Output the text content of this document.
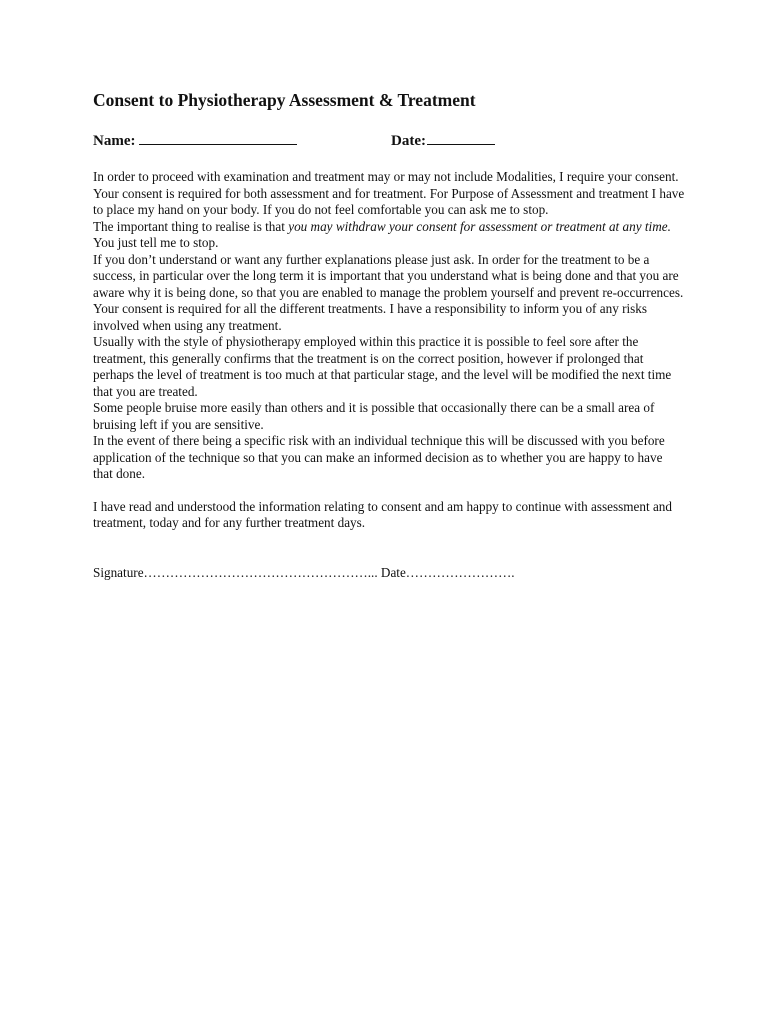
Consent to Physiotherapy Assessment & Treatment
Name:	Date:

In order to proceed with examination and treatment may or may not include Modalities, I require your consent.

Your consent is required for both assessment and for treatment. For Purpose of Assessment and treatment I have to place my hand on your body. If you do not feel comfortable you can ask me to stop.

The important thing to realise is that you may withdraw your consent for assessment or treatment at any time. You just tell me to stop.

If you don’t understand or want any further explanations please just ask. In order for the treatment to be a success, in particular over the long term it is important that you understand what is being done and that you are aware why it is being done, so that you are enabled to manage the problem yourself and prevent re-occurrences.

Your consent is required for all the different treatments. I have a responsibility to inform you of any risks involved when using any treatment.

Usually with the style of physiotherapy employed within this practice it is possible to feel sore after the treatment, this generally confirms that the treatment is on the correct position, however if prolonged that perhaps the level of treatment is too much at that particular stage, and the level will be modified the next time that you are treated.

Some people bruise more easily than others and it is possible that occasionally there can be a small area of bruising left if you are sensitive.

In the event of there being a specific risk with an individual technique this will be discussed with you before application of the technique so that you can make an informed decision as to whether you are happy to have that done.

I have read and understood the information relating to consent and am happy to continue with assessment and treatment, today and for any further treatment days.

Signature……………………………………………... Date…………………….
